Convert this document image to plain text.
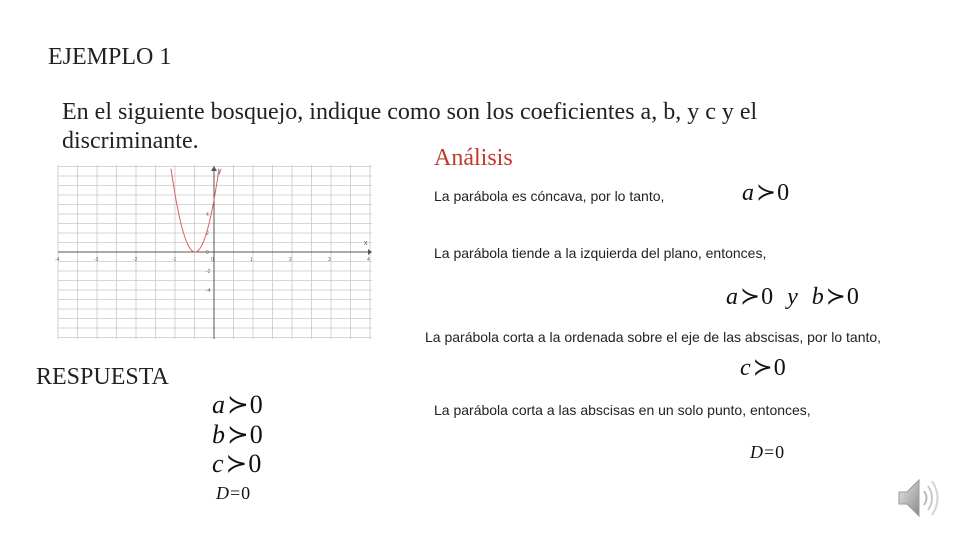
EJEMPLO 1
En el siguiente bosquejo, indique como son los coeficientes a, b, y c y el discriminante.
Análisis
RESPUESTA
x
y
-4	-3	-2	-1	0	1	2	3	4
4
2
0
-2
-4
La parábola es cóncava, por lo tanto,
La parábola tiende a la izquierda del plano, entonces,
La parábola corta a la ordenada sobre el eje de las abscisas, por lo tanto,
La parábola corta a las abscisas en un solo punto, entonces,
a≻ 0
a≻ 0 y b≻ 0
c≻ 0
D=0
a≻ 0
b≻ 0
c≻ 0
D=0
